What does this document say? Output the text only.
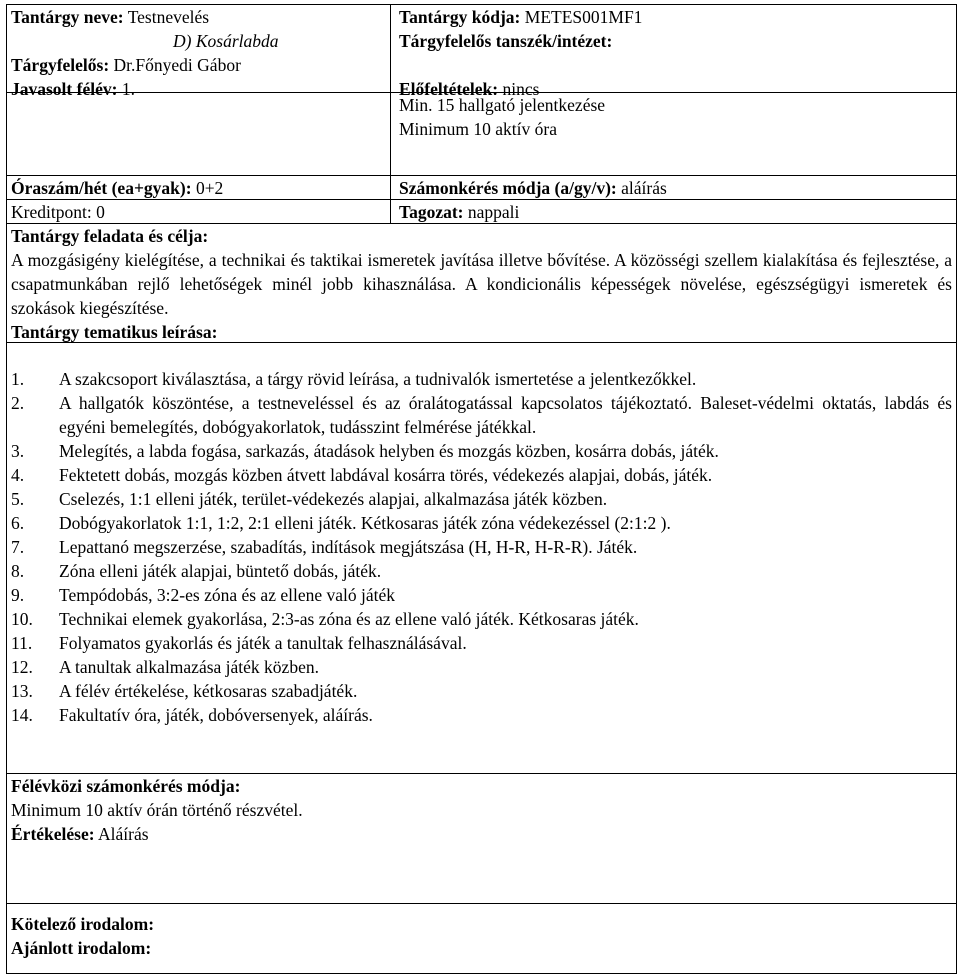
Tantárgy neve: Testnevelés
D) Kosárlabda
Tárgyfelelős: Dr.Főnyedi Gábor
Javasolt félév: 1.
Tantárgy kódja: METES001MF1
Tárgyfelelős tanszék/intézet:
Előfeltételek: nincs
Min. 15 hallgató jelentkezése
Minimum 10 aktív óra
Óraszám/hét (ea+gyak): 0+2	Számonkérés módja (a/gy/v): aláírás
Kreditpont: 0	Tagozat: nappali
Tantárgy feladata és célja:
A mozgásigény kielégítése, a technikai és taktikai ismeretek javítása illetve bővítése. A közösségi szellem kialakítása és fejlesztése, a csapatmunkában rejlő lehetőségek minél jobb kihasználása. A kondicionális képességek növelése, egészségügyi ismeretek és szokások kiegészítése.
Tantárgy tematikus leírása:
1.	A szakcsoport kiválasztása, a tárgy rövid leírása, a tudnivalók ismertetése a jelentkezőkkel.
2.	A hallgatók köszöntése, a testneveléssel és az óralátogatással kapcsolatos tájékoztató. Baleset-védelmi oktatás, labdás és egyéni bemelegítés, dobógyakorlatok, tudásszint felmérése játékkal.
3.	Melegítés, a labda fogása, sarkazás, átadások helyben és mozgás közben, kosárra dobás, játék.
4.	Fektetett dobás, mozgás közben átvett labdával kosárra törés, védekezés alapjai, dobás, játék.
5.	Cselezés, 1:1 elleni játék, terület-védekezés alapjai, alkalmazása játék közben.
6.	Dobógyakorlatok 1:1, 1:2, 2:1 elleni játék. Kétkosaras játék zóna védekezéssel (2:1:2 ).
7.	Lepattanó megszerzése, szabadítás, indítások megjátszása (H, H-R, H-R-R). Játék.
8.	Zóna elleni játék alapjai, büntető dobás, játék.
9.	Tempódobás, 3:2-es zóna és az ellene való játék
10.	Technikai elemek gyakorlása, 2:3-as zóna és az ellene való játék. Kétkosaras játék.
11.	Folyamatos gyakorlás és játék a tanultak felhasználásával.
12.	A tanultak alkalmazása játék közben.
13.	A félév értékelése, kétkosaras szabadjáték.
14.	Fakultatív óra, játék, dobóversenyek, aláírás.
Félévközi számonkérés módja:
Minimum 10 aktív órán történő részvétel.
Értékelése: Aláírás
Kötelező irodalom:
Ajánlott irodalom:
